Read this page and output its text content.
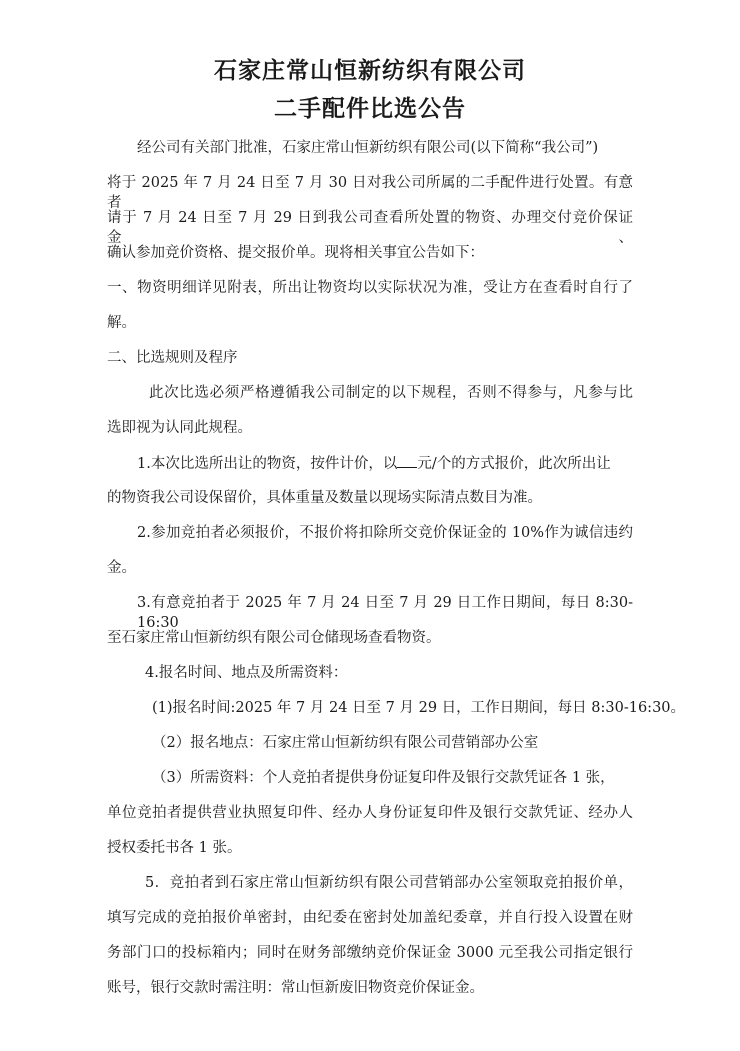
石家庄常山恒新纺织有限公司
二手配件比选公告

经公司有关部门批准，石家庄常山恒新纺织有限公司(以下简称“我公司”)

将于 2025 年 7 月 24 日至 7 月 30 日对我公司所属的二手配件进行处置。有意者

请于 7 月 24 日至 7 月 29 日到我公司查看所处置的物资、办理交付竞价保证金、

确认参加竞价资格、提交报价单。现将相关事宜公告如下：

一、物资明细详见附表，所出让物资均以实际状况为准，受让方在查看时自行了

解。

二、比选规则及程序

此次比选必须严格遵循我公司制定的以下规程，否则不得参与，凡参与比

选即视为认同此规程。

1.本次比选所出让的物资，按件计价，以 元/个的方式报价，此次所出让

的物资我公司设保留价，具体重量及数量以现场实际清点数目为准。

2.参加竞拍者必须报价，不报价将扣除所交竞价保证金的 10%作为诚信违约

金。

3.有意竞拍者于 2025 年 7 月 24 日至 7 月 29 日工作日期间，每日 8:30-16:30

至石家庄常山恒新纺织有限公司仓储现场查看物资。

4.报名时间、地点及所需资料：

(1)报名时间:2025 年 7 月 24 日至 7 月 29 日，工作日期间，每日 8:30-16:30。

（2）报名地点：石家庄常山恒新纺织有限公司营销部办公室

（3）所需资料：个人竞拍者提供身份证复印件及银行交款凭证各 1 张，

单位竞拍者提供营业执照复印件、经办人身份证复印件及银行交款凭证、经办人

授权委托书各 1 张。

5．竞拍者到石家庄常山恒新纺织有限公司营销部办公室领取竞拍报价单，

填写完成的竞拍报价单密封，由纪委在密封处加盖纪委章，并自行投入设置在财

务部门口的投标箱内；同时在财务部缴纳竞价保证金 3000 元至我公司指定银行

账号，银行交款时需注明：常山恒新废旧物资竞价保证金。
